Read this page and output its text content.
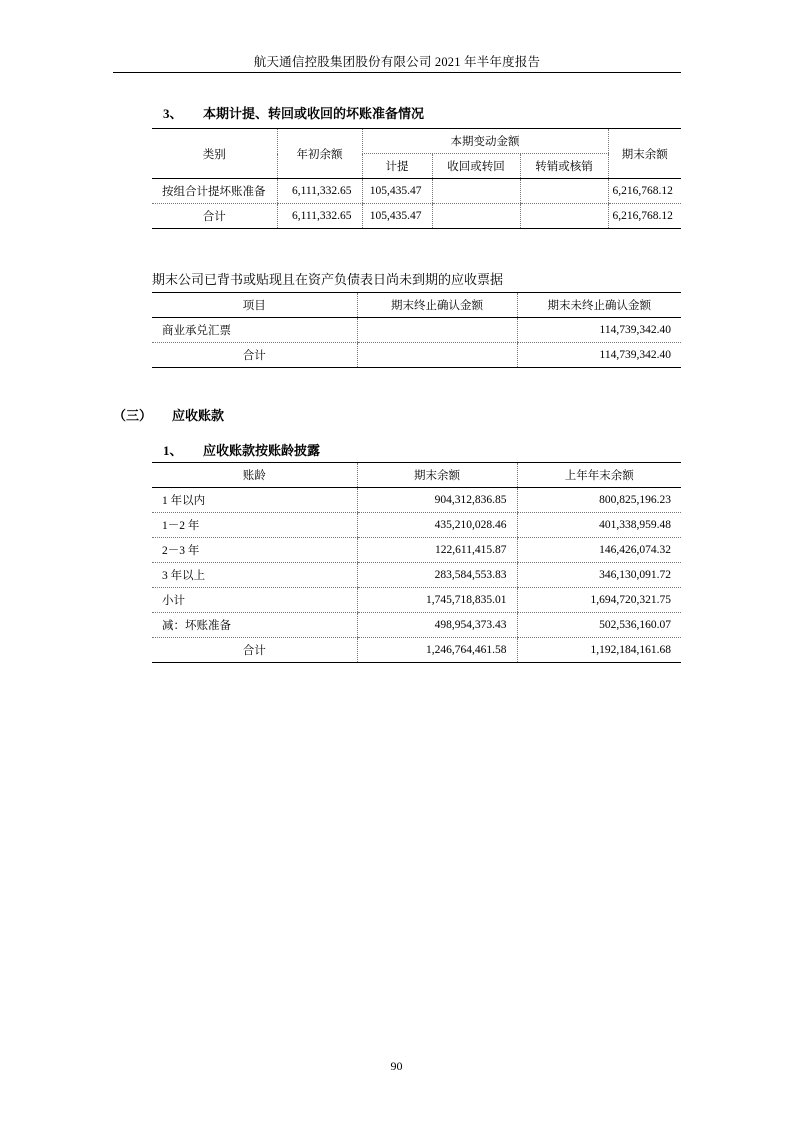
航天通信控股集团股份有限公司 2021 年半年度报告
3、 本期计提、转回或收回的坏账准备情况
类别	年初余额	本期变动金额			期末余额
		计提	收回或转回	转销或核销	
按组合计提坏账准备	6,111,332.65	105,435.47			6,216,768.12
合计	6,111,332.65	105,435.47			6,216,768.12
期末公司已背书或贴现且在资产负债表日尚未到期的应收票据
项目	期末终止确认金额	期末未终止确认金额
商业承兑汇票		114,739,342.40
合计		114,739,342.40
（三） 应收账款
1、 应收账款按账龄披露
账龄	期末余额	上年年末余额
1 年以内	904,312,836.85	800,825,196.23
1－2 年	435,210,028.46	401,338,959.48
2－3 年	122,611,415.87	146,426,074.32
3 年以上	283,584,553.83	346,130,091.72
小计	1,745,718,835.01	1,694,720,321.75
减：坏账准备	498,954,373.43	502,536,160.07
合计	1,246,764,461.58	1,192,184,161.68
90
